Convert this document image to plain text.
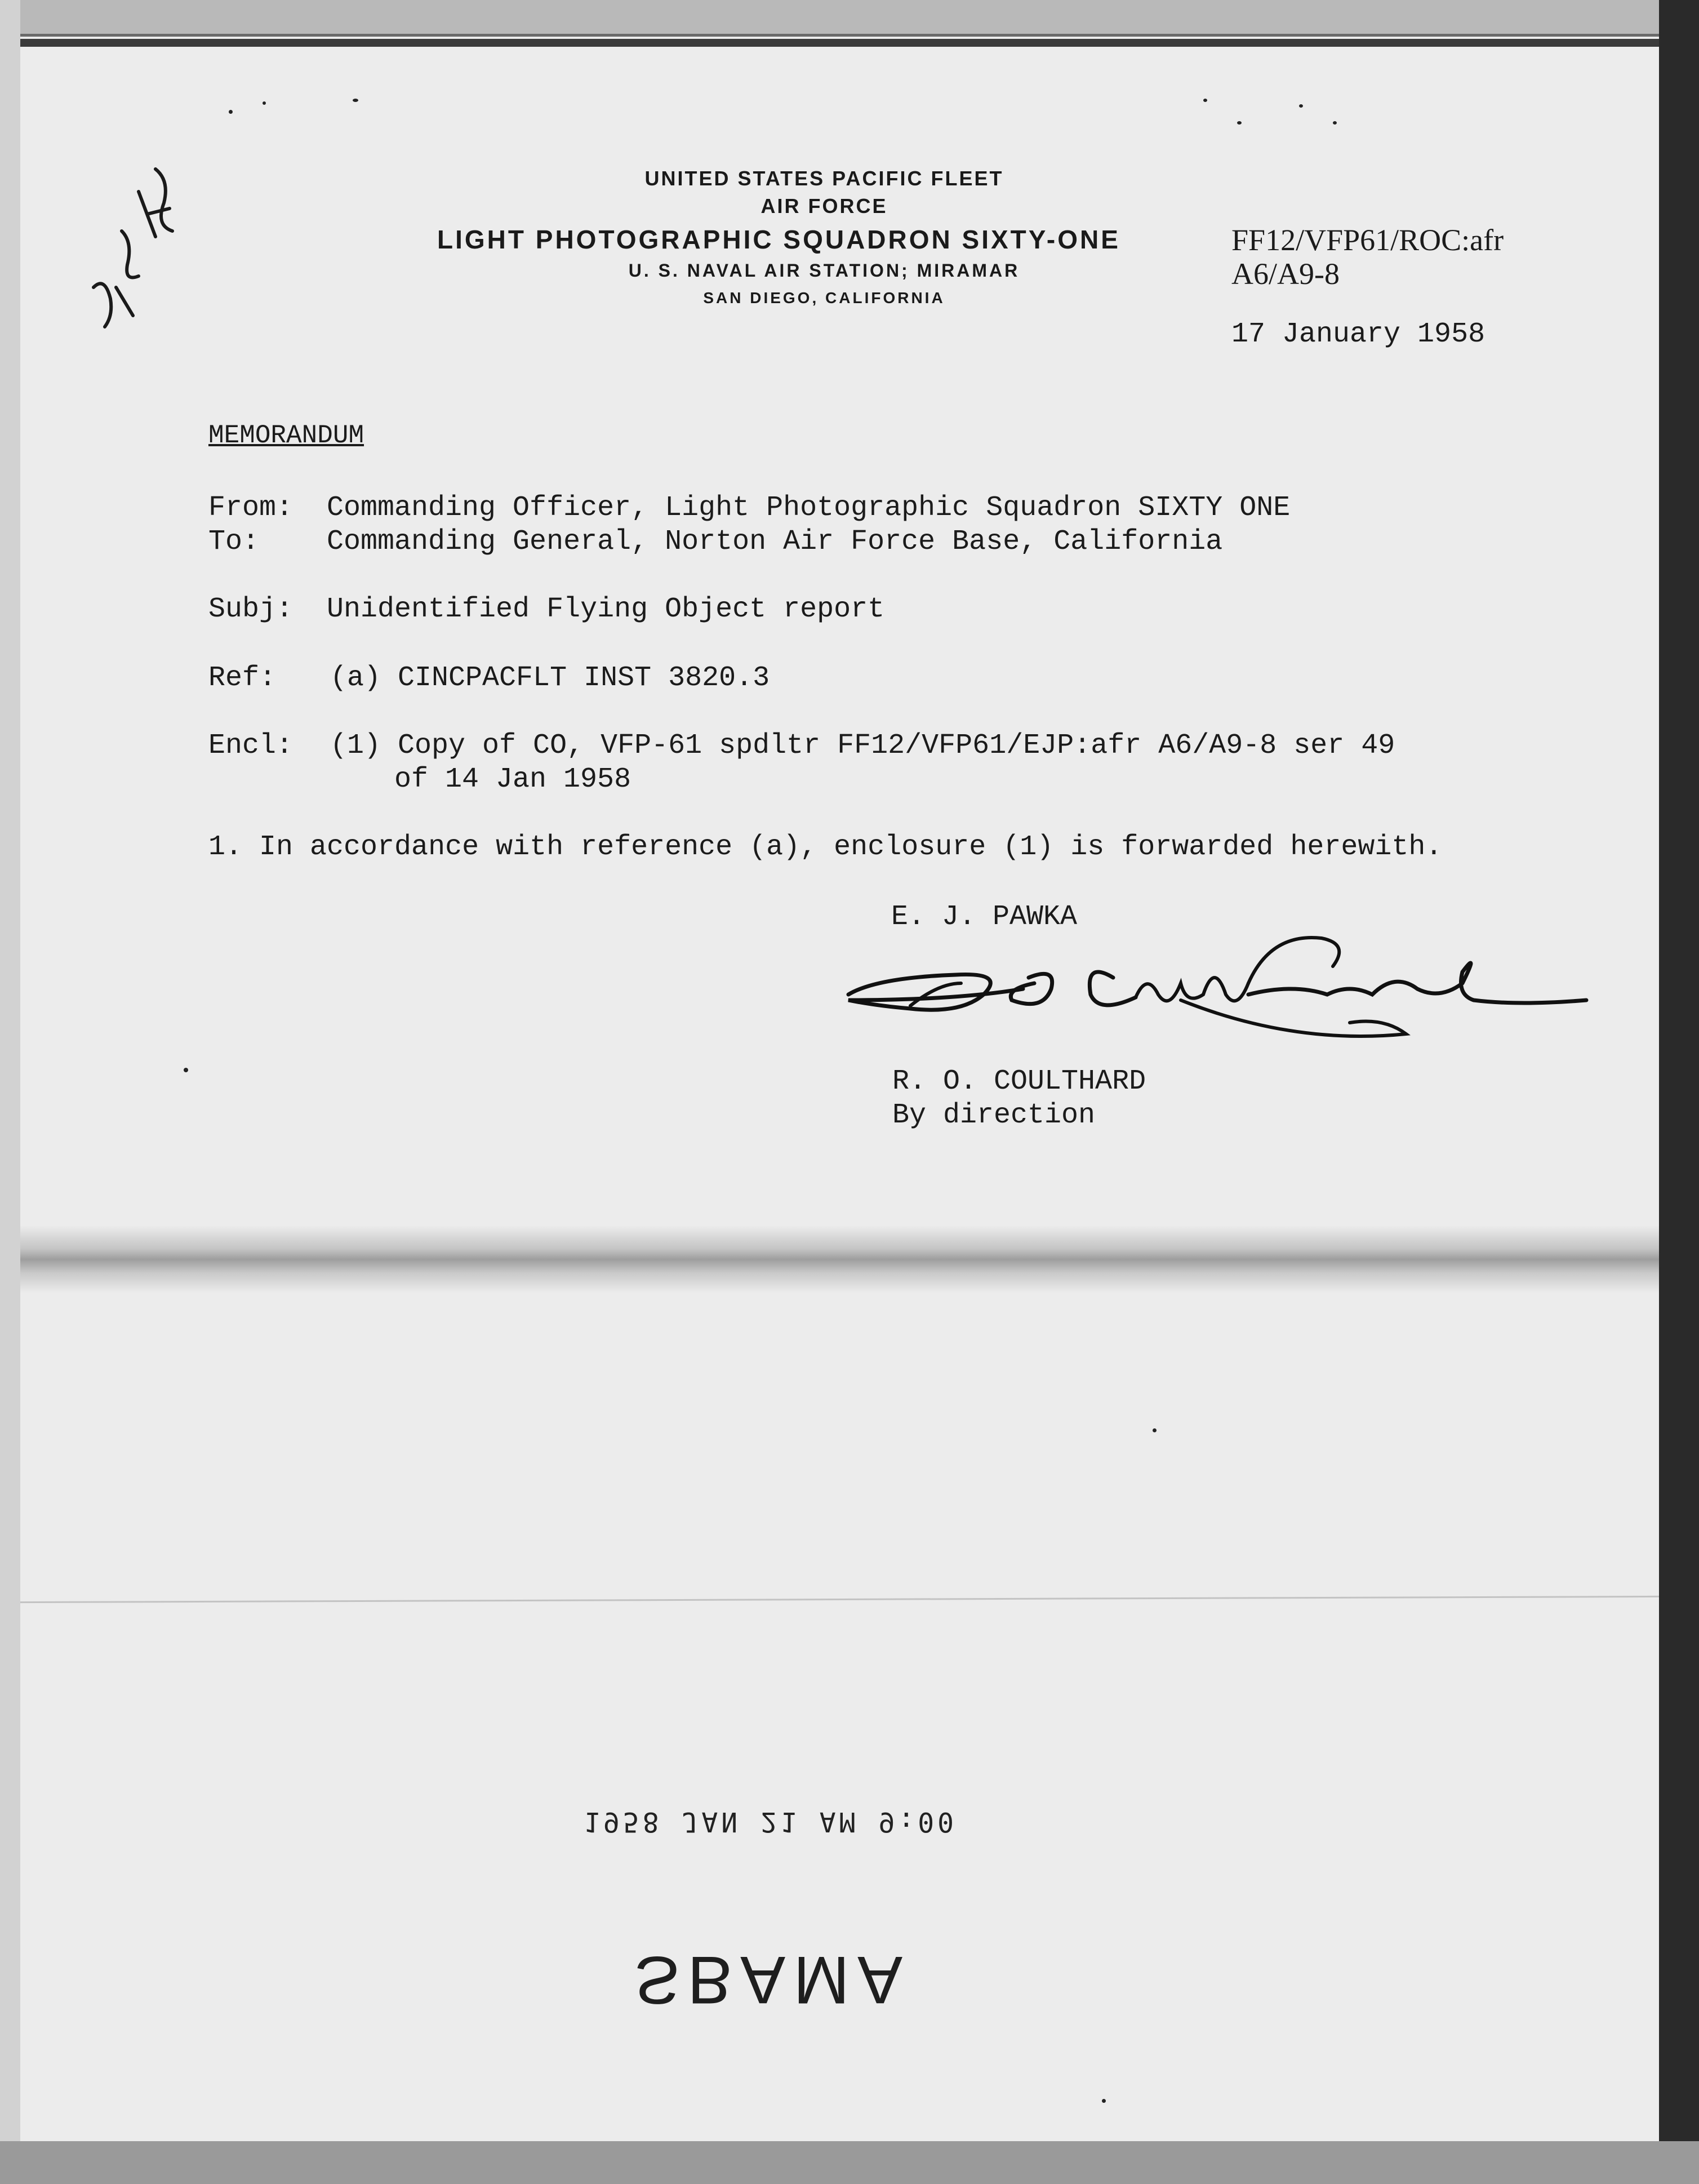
UNITED STATES PACIFIC FLEET
AIR FORCE
LIGHT PHOTOGRAPHIC SQUADRON SIXTY-ONE
U. S. NAVAL AIR STATION; MIRAMAR
SAN DIEGO, CALIFORNIA
FF12/VFP61/ROC:afr
A6/A9-8
17 January 1958
MEMORANDUM
From: Commanding Officer, Light Photographic Squadron SIXTY ONE
To: Commanding General, Norton Air Force Base, California
Subj: Unidentified Flying Object report
Ref: (a) CINCPACFLT INST 3820.3
Encl: (1) Copy of CO, VFP-61 spdltr FF12/VFP61/EJP:afr A6/A9-8 ser 49
of 14 Jan 1958
1. In accordance with reference (a), enclosure (1) is forwarded herewith.
E. J. PAWKA
R. O. COULTHARD
By direction
1958 JAN 21 AM 9:00
SBAMA
